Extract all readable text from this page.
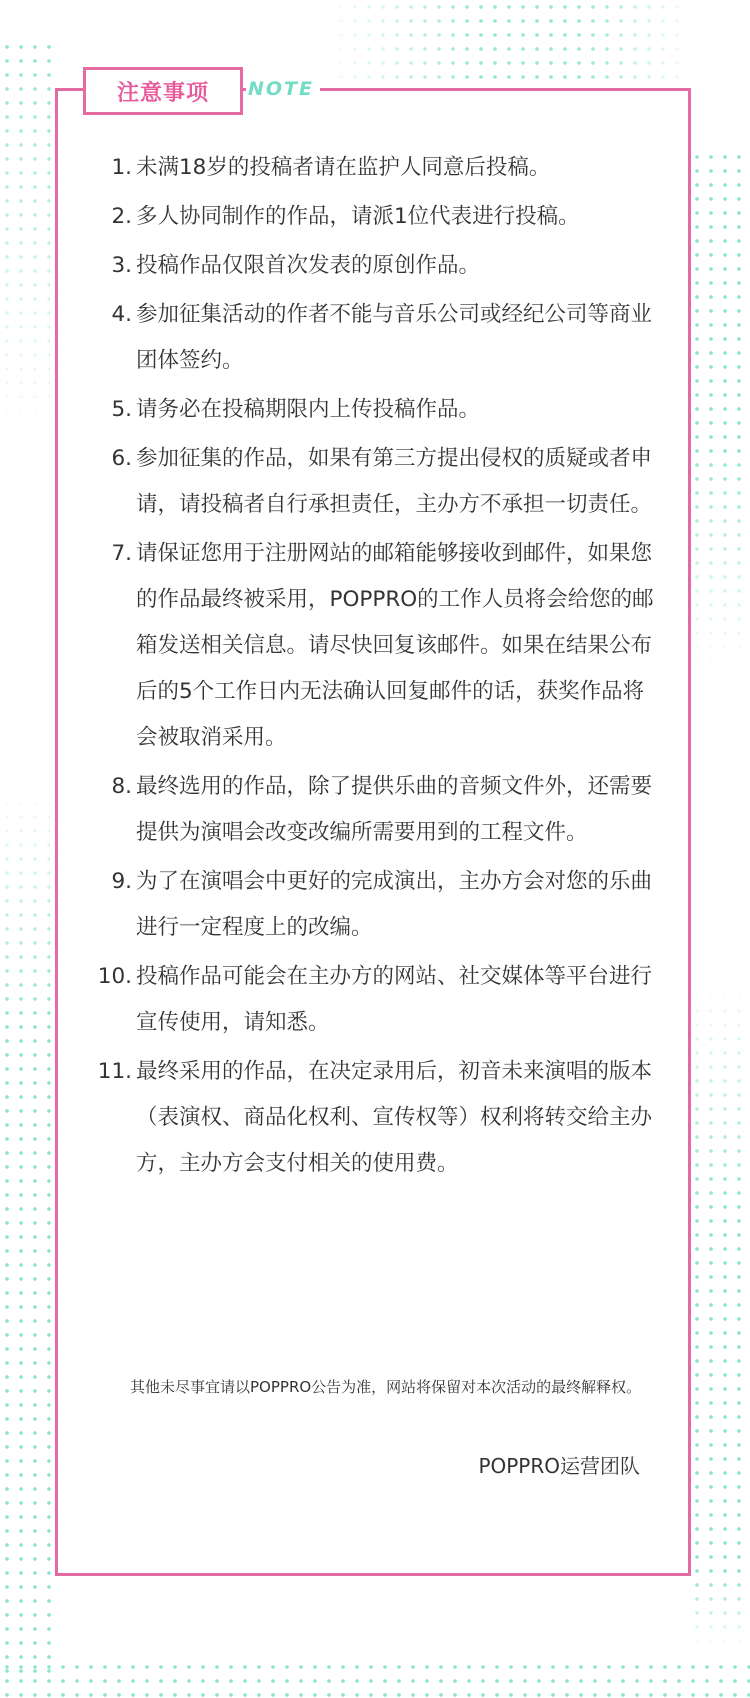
注意事项 NOTE
1. 未满18岁的投稿者请在监护人同意后投稿。
2. 多人协同制作的作品，请派1位代表进行投稿。
3. 投稿作品仅限首次发表的原创作品。
4. 参加征集活动的作者不能与音乐公司或经纪公司等商业团体签约。
5. 请务必在投稿期限内上传投稿作品。
6. 参加征集的作品，如果有第三方提出侵权的质疑或者申请，请投稿者自行承担责任，主办方不承担一切责任。
7. 请保证您用于注册网站的邮箱能够接收到邮件，如果您的作品最终被采用，POPPRO的工作人员将会给您的邮箱发送相关信息。请尽快回复该邮件。如果在结果公布后的5个工作日内无法确认回复邮件的话，获奖作品将会被取消采用。
8. 最终选用的作品，除了提供乐曲的音频文件外，还需要提供为演唱会改变改编所需要用到的工程文件。
9. 为了在演唱会中更好的完成演出，主办方会对您的乐曲进行一定程度上的改编。
10. 投稿作品可能会在主办方的网站、社交媒体等平台进行宣传使用，请知悉。
11. 最终采用的作品，在决定录用后，初音未来演唱的版本（表演权、商品化权利、宣传权等）权利将转交给主办方，主办方会支付相关的使用费。
其他未尽事宜请以POPPRO公告为准，网站将保留对本次活动的最终解释权。
POPPRO运营团队
